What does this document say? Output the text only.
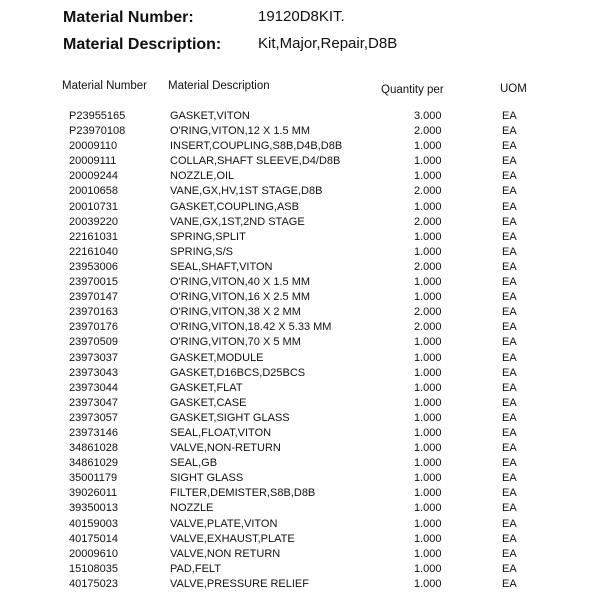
Material Number:	19120D8KIT.
Material Description: Kit,Major,Repair,D8B
Material Number Material Description	Quantity per	UOM
P23955165	GASKET,VITON	3.000	EA
P23970108	O'RING,VITON,12 X 1.5 MM	2.000	EA
20009110	INSERT,COUPLING,S8B,D4B,D8B	1.000	EA
20009111	COLLAR,SHAFT SLEEVE,D4/D8B	1.000	EA
20009244	NOZZLE,OIL	1.000	EA
20010658	VANE,GX,HV,1ST STAGE,D8B	2.000	EA
20010731	GASKET,COUPLING,ASB	1.000	EA
20039220	VANE,GX,1ST,2ND STAGE	2.000	EA
22161031	SPRING,SPLIT	1.000	EA
22161040	SPRING,S/S	1.000	EA
23953006	SEAL,SHAFT,VITON	2.000	EA
23970015	O'RING,VITON,40 X 1.5 MM	1.000	EA
23970147	O'RING,VITON,16 X 2.5 MM	1.000	EA
23970163	O'RING,VITON,38 X 2 MM	2.000	EA
23970176	O'RING,VITON,18.42 X 5.33 MM	2.000	EA
23970509	O'RING,VITON,70 X 5 MM	1.000	EA
23973037	GASKET,MODULE	1.000	EA
23973043	GASKET,D16BCS,D25BCS	1.000	EA
23973044	GASKET,FLAT	1.000	EA
23973047	GASKET,CASE	1.000	EA
23973057	GASKET,SIGHT GLASS	1.000	EA
23973146	SEAL,FLOAT,VITON	1.000	EA
34861028	VALVE,NON-RETURN	1.000	EA
34861029	SEAL,GB	1.000	EA
35001179	SIGHT GLASS	1.000	EA
39026011	FILTER,DEMISTER,S8B,D8B	1.000	EA
39350013	NOZZLE	1.000	EA
40159003	VALVE,PLATE,VITON	1.000	EA
40175014	VALVE,EXHAUST,PLATE	1.000	EA
20009610	VALVE,NON RETURN	1.000	EA
15108035	PAD,FELT	1.000	EA
40175023	VALVE,PRESSURE RELIEF	1.000	EA
